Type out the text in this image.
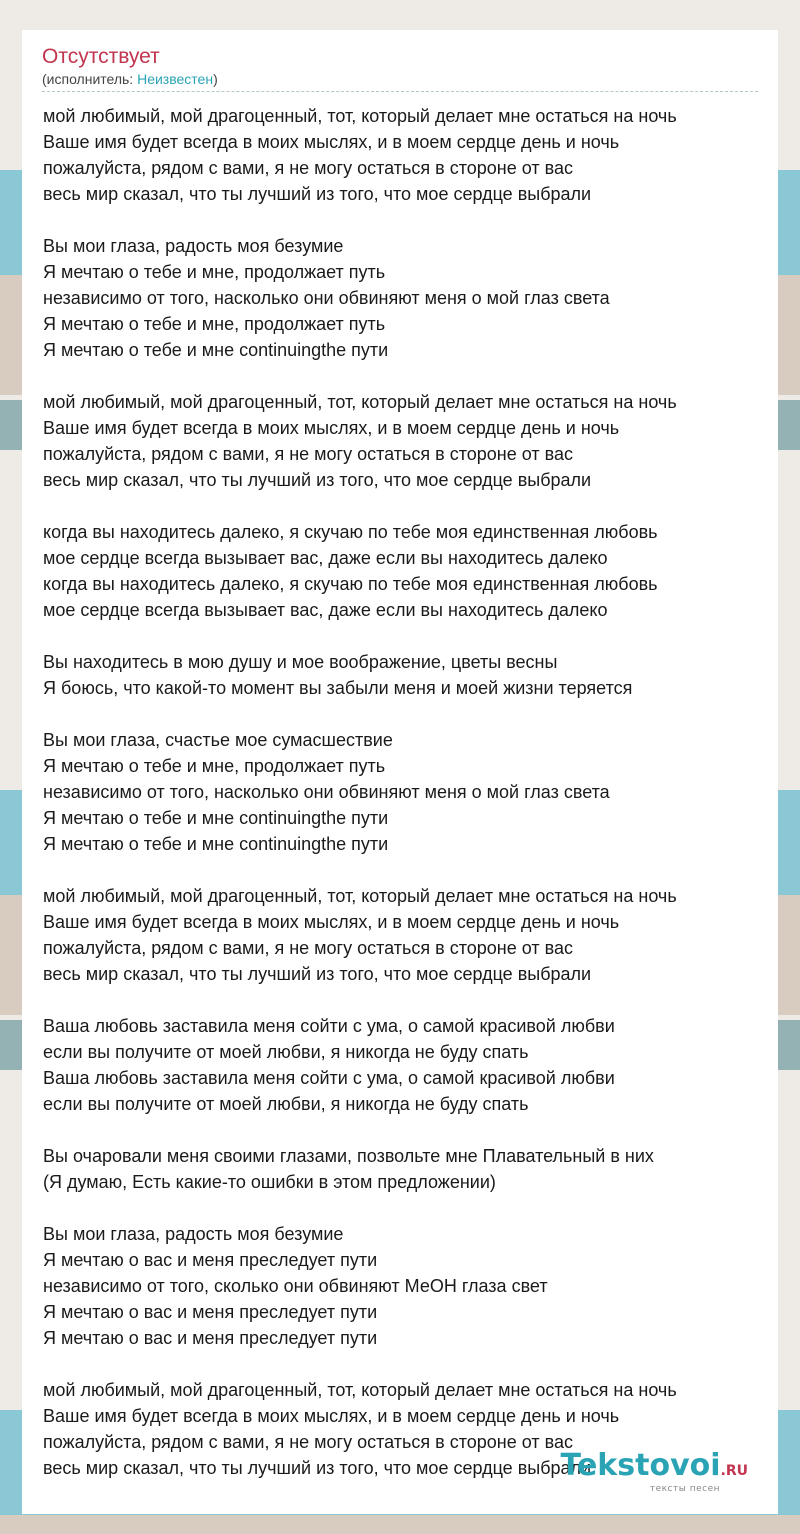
Отсутствует
(исполнитель: Неизвестен)
мой любимый, мой драгоценный, тот, который делает мне остаться на ночь
Ваше имя будет всегда в моих мыслях, и в моем сердце день и ночь
пожалуйста, рядом с вами, я не могу остаться в стороне от вас
весь мир сказал, что ты лучший из того, что мое сердце выбрали
Вы мои глаза, радость моя безумие
Я мечтаю о тебе и мне, продолжает путь
независимо от того, насколько они обвиняют меня о мой глаз света
Я мечтаю о тебе и мне, продолжает путь
Я мечтаю о тебе и мне continuingthe пути
мой любимый, мой драгоценный, тот, который делает мне остаться на ночь
Ваше имя будет всегда в моих мыслях, и в моем сердце день и ночь
пожалуйста, рядом с вами, я не могу остаться в стороне от вас
весь мир сказал, что ты лучший из того, что мое сердце выбрали
когда вы находитесь далеко, я скучаю по тебе моя единственная любовь
мое сердце всегда вызывает вас, даже если вы находитесь далеко
когда вы находитесь далеко, я скучаю по тебе моя единственная любовь
мое сердце всегда вызывает вас, даже если вы находитесь далеко
Вы находитесь в мою душу и мое воображение, цветы весны
Я боюсь, что какой-то момент вы забыли меня и моей жизни теряется
Вы мои глаза, счастье мое сумасшествие
Я мечтаю о тебе и мне, продолжает путь
независимо от того, насколько они обвиняют меня о мой глаз света
Я мечтаю о тебе и мне continuingthe пути
Я мечтаю о тебе и мне continuingthe пути
мой любимый, мой драгоценный, тот, который делает мне остаться на ночь
Ваше имя будет всегда в моих мыслях, и в моем сердце день и ночь
пожалуйста, рядом с вами, я не могу остаться в стороне от вас
весь мир сказал, что ты лучший из того, что мое сердце выбрали
Ваша любовь заставила меня сойти с ума, о самой красивой любви
если вы получите от моей любви, я никогда не буду спать
Ваша любовь заставила меня сойти с ума, о самой красивой любви
если вы получите от моей любви, я никогда не буду спать
Вы очаровали меня своими глазами, позвольте мне Плавательный в них
(Я думаю, Есть какие-то ошибки в этом предложении)
Вы мои глаза, радость моя безумие
Я мечтаю о вас и меня преследует пути
независимо от того, сколько они обвиняют МеОН глаза свет
Я мечтаю о вас и меня преследует пути
Я мечтаю о вас и меня преследует пути
мой любимый, мой драгоценный, тот, который делает мне остаться на ночь
Ваше имя будет всегда в моих мыслях, и в моем сердце день и ночь
пожалуйста, рядом с вами, я не могу остаться в стороне от вас
весь мир сказал, что ты лучший из того, что мое сердце выбрали
Tekstovoi.RU
тексты песен
